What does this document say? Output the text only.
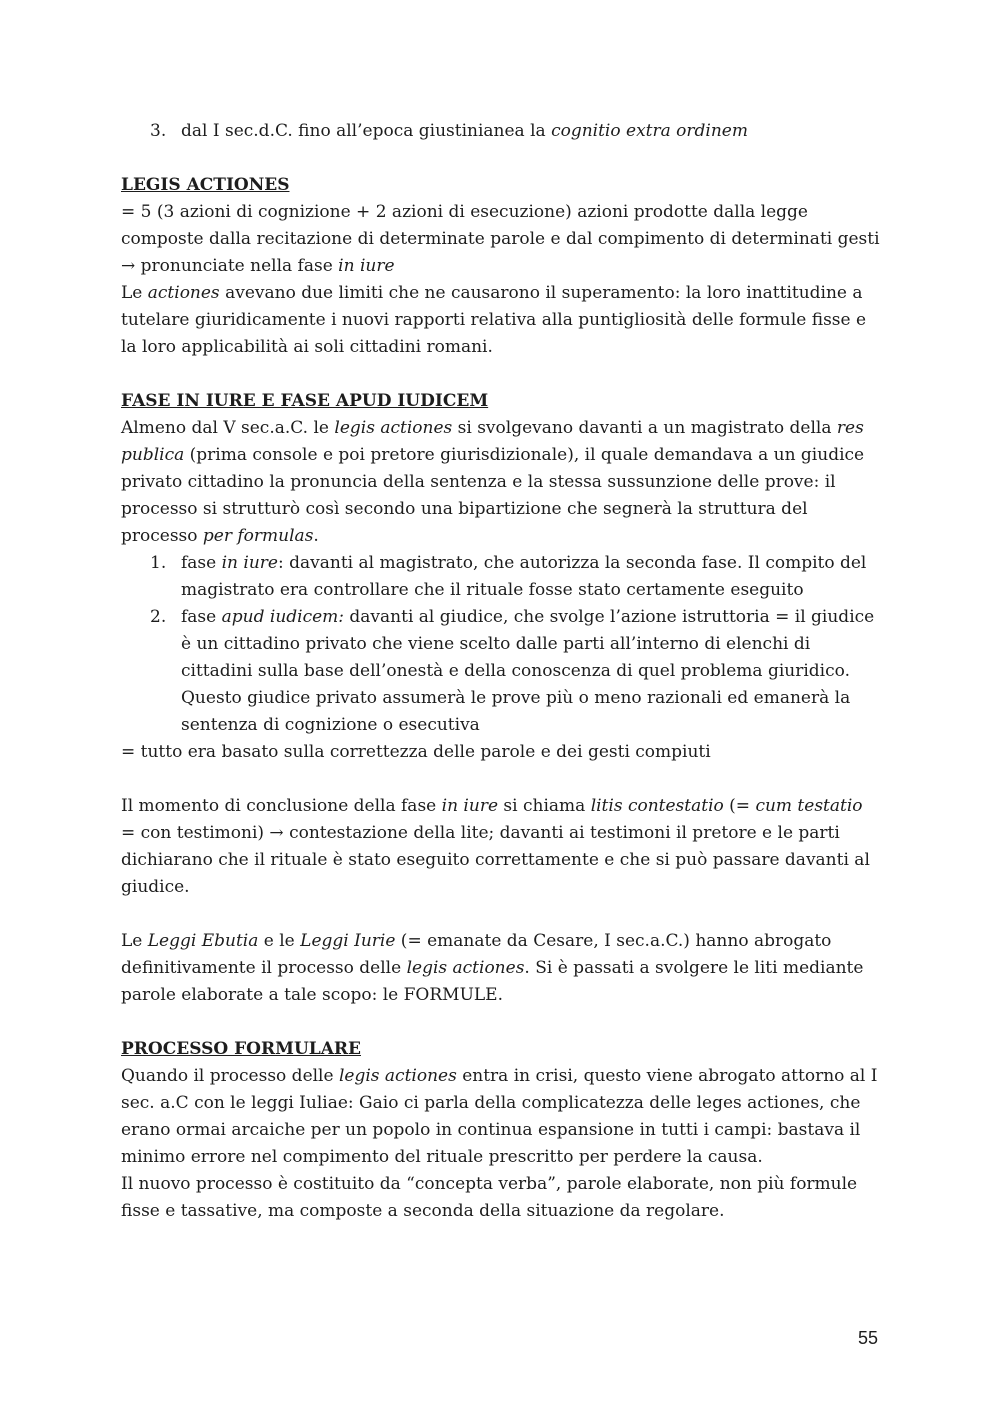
3. dal I sec.d.C. fino all’epoca giustinianea la cognitio extra ordinem

LEGIS ACTIONES

= 5 (3 azioni di cognizione + 2 azioni di esecuzione) azioni prodotte dalla legge composte dalla recitazione di determinate parole e dal compimento di determinati gesti → pronunciate nella fase in iure

Le actiones avevano due limiti che ne causarono il superamento: la loro inattitudine a tutelare giuridicamente i nuovi rapporti relativa alla puntigliosità delle formule fisse e la loro applicabilità ai soli cittadini romani.

FASE IN IURE E FASE APUD IUDICEM

Almeno dal V sec.a.C. le legis actiones si svolgevano davanti a un magistrato della res publica (prima console e poi pretore giurisdizionale), il quale demandava a un giudice privato cittadino la pronuncia della sentenza e la stessa sussunzione delle prove: il processo si strutturò così secondo una bipartizione che segnerà la struttura del processo per formulas.

1. fase in iure: davanti al magistrato, che autorizza la seconda fase. Il compito del magistrato era controllare che il rituale fosse stato certamente eseguito
2. fase apud iudicem: davanti al giudice, che svolge l’azione istruttoria = il giudice è un cittadino privato che viene scelto dalle parti all’interno di elenchi di cittadini sulla base dell’onestà e della conoscenza di quel problema giuridico. Questo giudice privato assumerà le prove più o meno razionali ed emanerà la sentenza di cognizione o esecutiva

= tutto era basato sulla correttezza delle parole e dei gesti compiuti

Il momento di conclusione della fase in iure si chiama litis contestatio (= cum testatio = con testimoni) → contestazione della lite; davanti ai testimoni il pretore e le parti dichiarano che il rituale è stato eseguito correttamente e che si può passare davanti al giudice.

Le Leggi Ebutia e le Leggi Iurie (= emanate da Cesare, I sec.a.C.) hanno abrogato definitivamente il processo delle legis actiones. Si è passati a svolgere le liti mediante parole elaborate a tale scopo: le FORMULE.

PROCESSO FORMULARE

Quando il processo delle legis actiones entra in crisi, questo viene abrogato attorno al I sec. a.C con le leggi Iuliae: Gaio ci parla della complicatezza delle leges actiones, che erano ormai arcaiche per un popolo in continua espansione in tutti i campi: bastava il minimo errore nel compimento del rituale prescritto per perdere la causa.

Il nuovo processo è costituito da “concepta verba”, parole elaborate, non più formule fisse e tassative, ma composte a seconda della situazione da regolare.

55
